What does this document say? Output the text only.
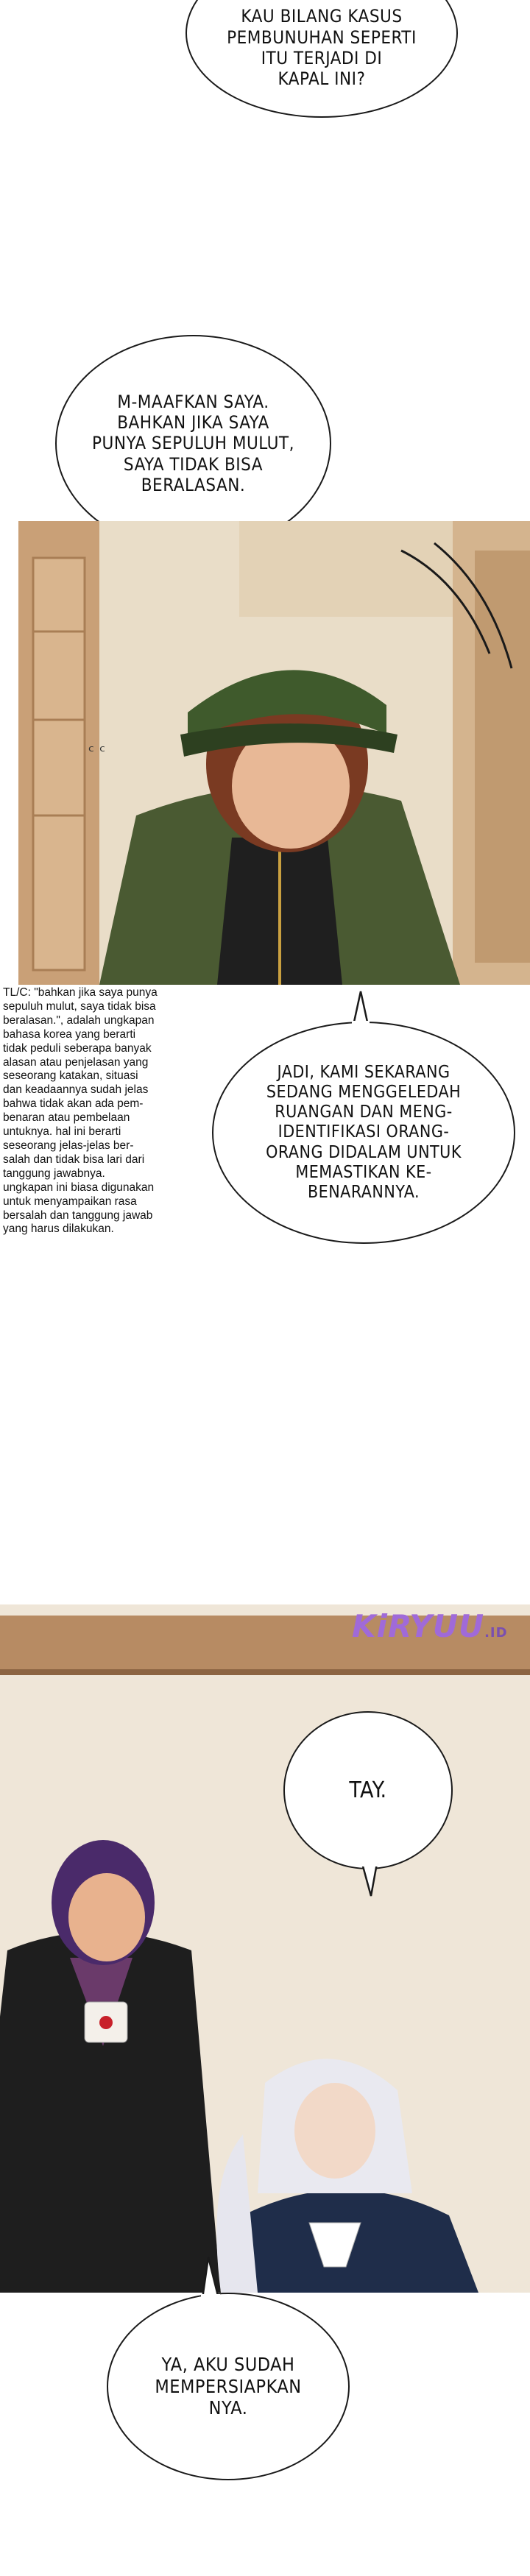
KAU BILANG KASUS
PEMBUNUHAN SEPERTI
ITU TERJADI DI
KAPAL INI?
M-MAAFKAN SAYA.
BAHKAN JIKA SAYA
PUNYA SEPULUH MULUT,
SAYA TIDAK BISA
BERALASAN.
ᶜ ᶜ
JADI, KAMI SEKARANG
SEDANG MENGGELEDAH
RUANGAN DAN MENG-
IDENTIFIKASI ORANG-
ORANG DIDALAM UNTUK
MEMASTIKAN KE-
BENARANNYA.
TL/C: "bahkan jika saya punya
sepuluh mulut, saya tidak bisa
beralasan.", adalah ungkapan
bahasa korea yang berarti
tidak peduli seberapa banyak
alasan atau penjelasan yang
seseorang katakan, situasi
dan keadaannya sudah jelas
bahwa tidak akan ada pem-
benaran atau pembelaan
untuknya. hal ini berarti
seseorang jelas-jelas ber-
salah dan tidak bisa lari dari
tanggung jawabnya.
ungkapan ini biasa digunakan
untuk menyampaikan rasa
bersalah dan tanggung jawab
yang harus dilakukan.
KiRYUU.ID
TAY.
YA, AKU SUDAH
MEMPERSIAPKAN
NYA.
